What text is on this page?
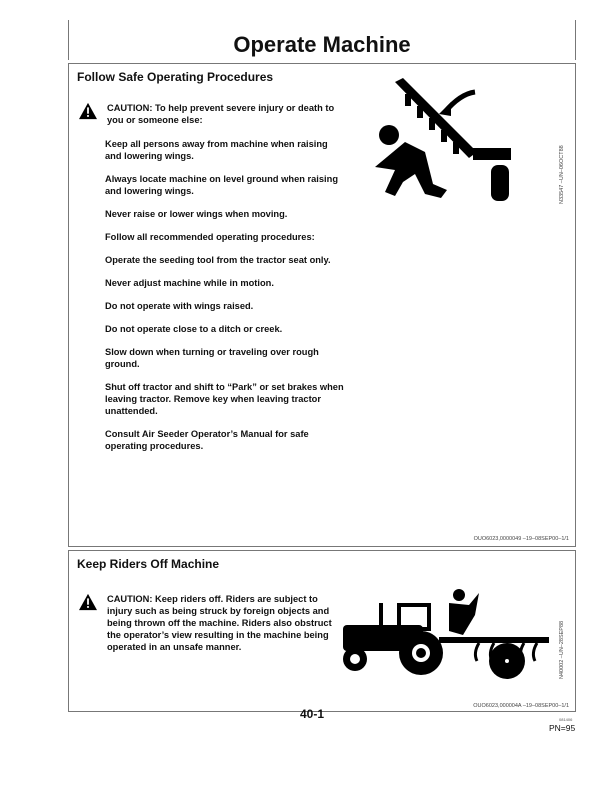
Operate Machine
Follow Safe Operating Procedures
CAUTION: To help prevent severe injury or death to you or someone else:

Keep all persons away from machine when raising and lowering wings.

Always locate machine on level ground when raising and lowering wings.

Never raise or lower wings when moving.

Follow all recommended operating procedures:

Operate the seeding tool from the tractor seat only.

Never adjust machine while in motion.

Do not operate with wings raised.

Do not operate close to a ditch or creek.

Slow down when turning or traveling over rough ground.

Shut off tractor and shift to “Park” or set brakes when leaving tractor. Remove key when leaving tractor unattended.

Consult Air Seeder Operator’s Manual for safe operating procedures.

N33547 –UN–06OCT88
OUO6023,0000049 –19–08SEP00–1/1
Keep Riders Off Machine
CAUTION: Keep riders off. Riders are subject to injury such as being struck by foreign objects and being thrown off the machine. Riders also obstruct the operator’s view resulting in the machine being operated in an unsafe manner.	N40002 –UN–28SEP88
OUO6023,000004A –19–08SEP00–1/1
40-1	081406
PN=95
